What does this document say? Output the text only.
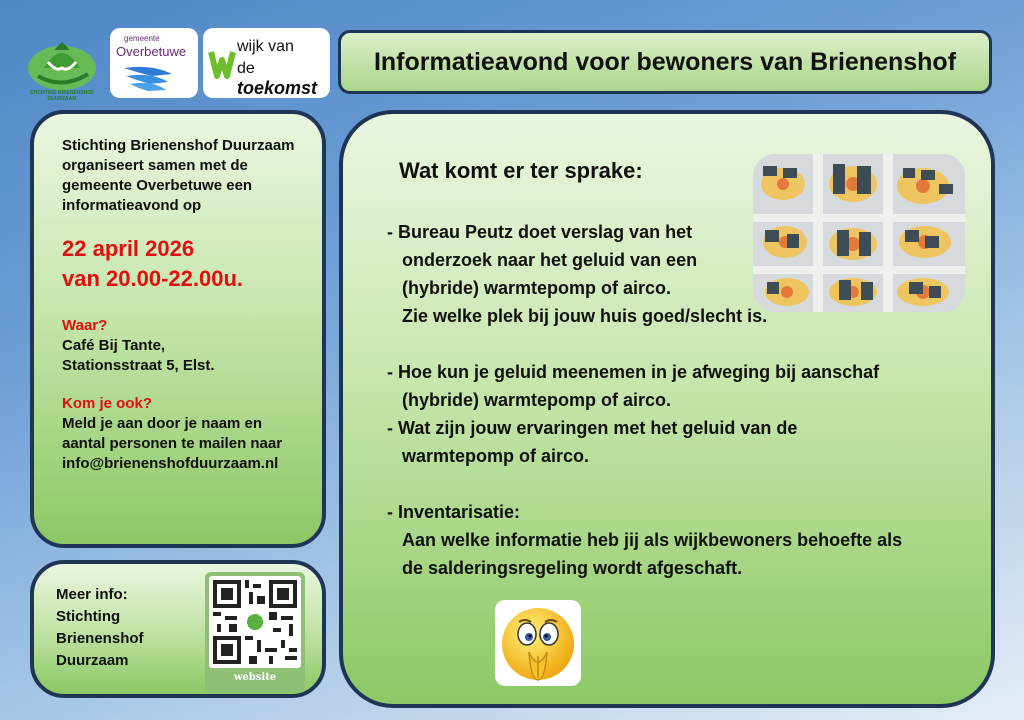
STICHTING BRIENENSHOF DUURZAAM
gemeente
Overbetuwe	wijk van
de toekomst
Informatieavond voor bewoners van Brienenshof
Stichting Brienenshof Duurzaam organiseert samen met de gemeente Overbetuwe een informatieavond op
22 april 2026
van 20.00-22.00u.
Waar?
Café Bij Tante,
Stationsstraat 5, Elst.
Kom je ook?
Meld je aan door je naam en
aantal personen te mailen naar
info@brienenshofduurzaam.nl
Meer info:
Stichting
Brienenshof
Duurzaam
website
Wat komt er ter sprake:
- Bureau Peutz doet verslag van het
onderzoek naar het geluid van een
(hybride) warmtepomp of airco.
Zie welke plek bij jouw huis goed/slecht is.
- Hoe kun je geluid meenemen in je afweging bij aanschaf
(hybride) warmtepomp of airco.
- Wat zijn jouw ervaringen met het geluid van de
warmtepomp of airco.
- Inventarisatie:
Aan welke informatie heb jij als wijkbewoners behoefte als
de salderingsregeling wordt afgeschaft.
